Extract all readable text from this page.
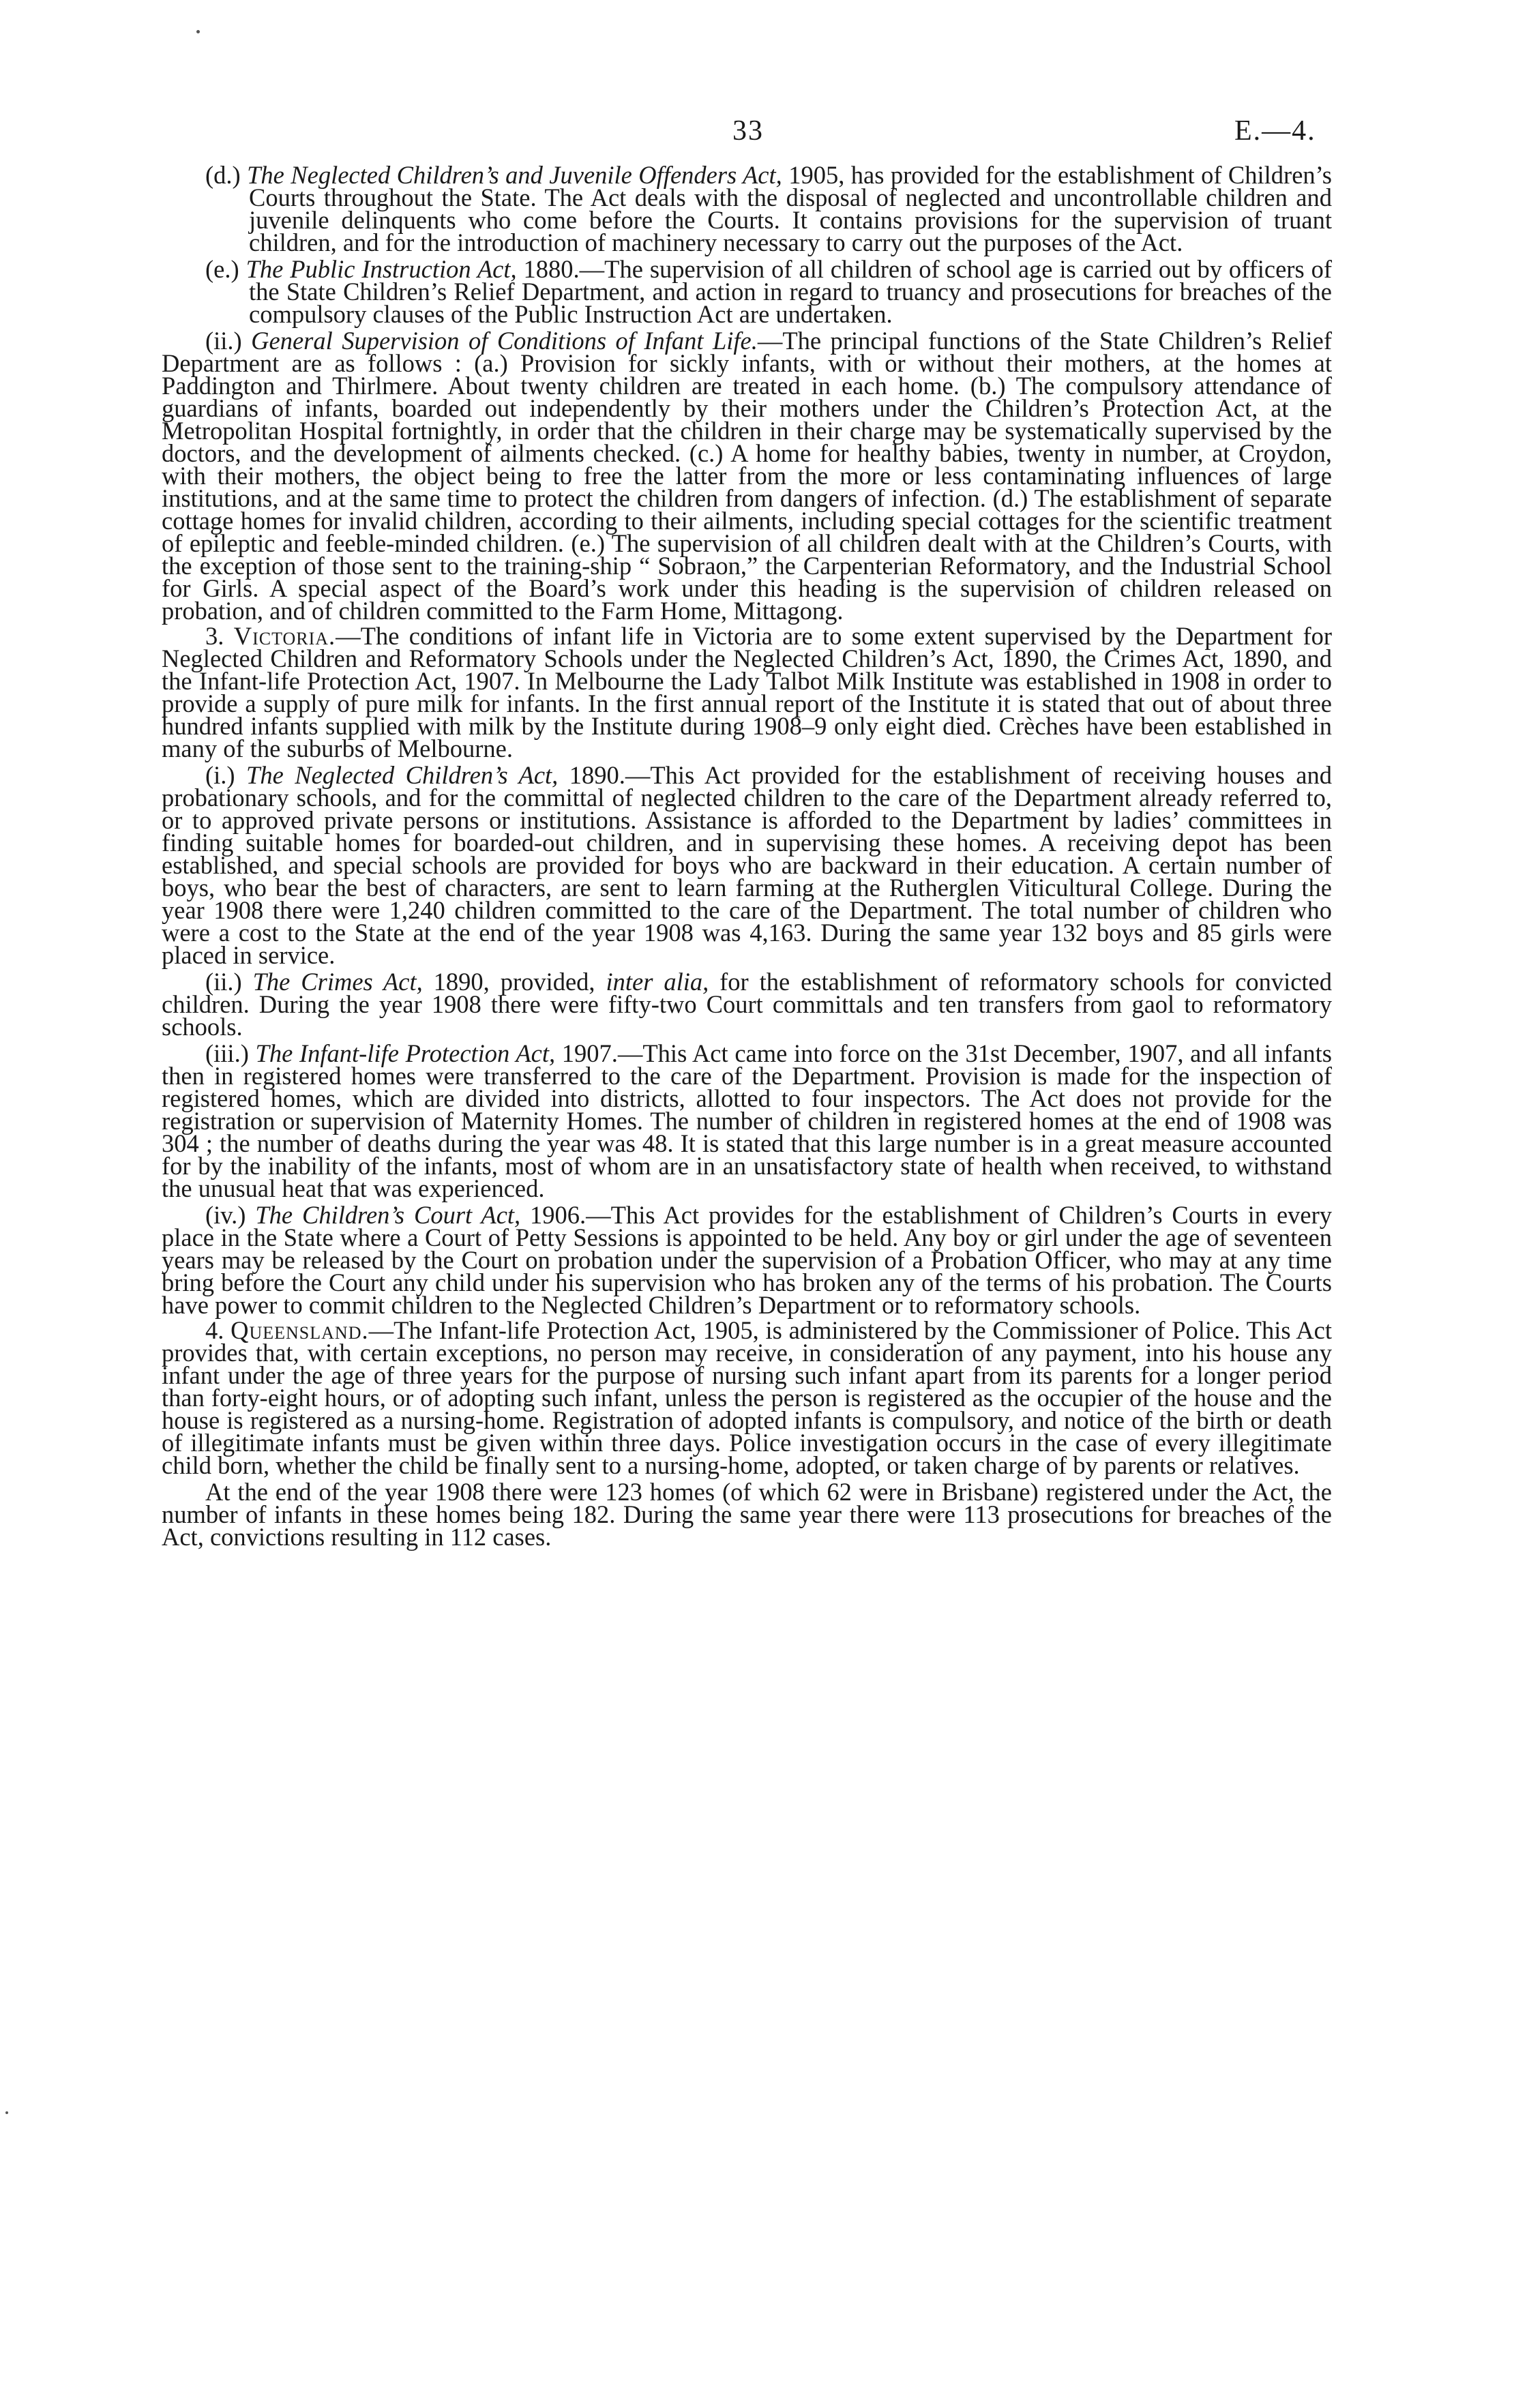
33	E.—4.

(d.) The Neglected Children’s and Juvenile Offenders Act, 1905, has provided for the establishment of Children’s Courts throughout the State. The Act deals with the disposal of neglected and uncontrollable children and juvenile delinquents who come before the Courts. It contains provisions for the supervision of truant children, and for the introduction of machinery necessary to carry out the purposes of the Act.

(e.) The Public Instruction Act, 1880.—The supervision of all children of school age is carried out by officers of the State Children’s Relief Department, and action in regard to truancy and prosecutions for breaches of the compulsory clauses of the Public Instruction Act are undertaken.

(ii.) General Supervision of Conditions of Infant Life.—The principal functions of the State Children’s Relief Department are as follows : (a.) Provision for sickly infants, with or without their mothers, at the homes at Paddington and Thirlmere. About twenty children are treated in each home. (b.) The compulsory attendance of guardians of infants, boarded out independently by their mothers under the Children’s Protection Act, at the Metropolitan Hospital fortnightly, in order that the children in their charge may be systematically supervised by the doctors, and the development of ailments checked. (c.) A home for healthy babies, twenty in number, at Croydon, with their mothers, the object being to free the latter from the more or less contaminating influences of large institutions, and at the same time to protect the children from dangers of infection. (d.) The establishment of separate cottage homes for invalid children, according to their ailments, including special cottages for the scientific treatment of epileptic and feeble-minded children. (e.) The supervision of all children dealt with at the Children’s Courts, with the exception of those sent to the training-ship “ Sobraon,” the Carpenterian Reformatory, and the Industrial School for Girls. A special aspect of the Board’s work under this heading is the supervision of children released on probation, and of children committed to the Farm Home, Mittagong.

3. Victoria.—The conditions of infant life in Victoria are to some extent supervised by the Department for Neglected Children and Reformatory Schools under the Neglected Children’s Act, 1890, the Crimes Act, 1890, and the Infant-life Protection Act, 1907. In Melbourne the Lady Talbot Milk Institute was established in 1908 in order to provide a supply of pure milk for infants. In the first annual report of the Institute it is stated that out of about three hundred infants supplied with milk by the Institute during 1908–9 only eight died. Crèches have been established in many of the suburbs of Melbourne.

(i.) The Neglected Children’s Act, 1890.—This Act provided for the establishment of receiving houses and probationary schools, and for the committal of neglected children to the care of the Department already referred to, or to approved private persons or institutions. Assistance is afforded to the Department by ladies’ committees in finding suitable homes for boarded-out children, and in supervising these homes. A receiving depot has been established, and special schools are provided for boys who are backward in their education. A certain number of boys, who bear the best of characters, are sent to learn farming at the Rutherglen Viticultural College. During the year 1908 there were 1,240 children committed to the care of the Department. The total number of children who were a cost to the State at the end of the year 1908 was 4,163. During the same year 132 boys and 85 girls were placed in service.

(ii.) The Crimes Act, 1890, provided, inter alia, for the establishment of reformatory schools for convicted children. During the year 1908 there were fifty-two Court committals and ten transfers from gaol to reformatory schools.

(iii.) The Infant-life Protection Act, 1907.—This Act came into force on the 31st December, 1907, and all infants then in registered homes were transferred to the care of the Department. Provision is made for the inspection of registered homes, which are divided into districts, allotted to four inspectors. The Act does not provide for the registration or supervision of Maternity Homes. The number of children in registered homes at the end of 1908 was 304 ; the number of deaths during the year was 48. It is stated that this large number is in a great measure accounted for by the inability of the infants, most of whom are in an unsatisfactory state of health when received, to withstand the unusual heat that was experienced.

(iv.) The Children’s Court Act, 1906.—This Act provides for the establishment of Children’s Courts in every place in the State where a Court of Petty Sessions is appointed to be held. Any boy or girl under the age of seventeen years may be released by the Court on probation under the supervision of a Probation Officer, who may at any time bring before the Court any child under his supervision who has broken any of the terms of his probation. The Courts have power to commit children to the Neglected Children’s Department or to reformatory schools.

4. Queensland.—The Infant-life Protection Act, 1905, is administered by the Commissioner of Police. This Act provides that, with certain exceptions, no person may receive, in consideration of any payment, into his house any infant under the age of three years for the purpose of nursing such infant apart from its parents for a longer period than forty-eight hours, or of adopting such infant, unless the person is registered as the occupier of the house and the house is registered as a nursing-home. Registration of adopted infants is compulsory, and notice of the birth or death of illegitimate infants must be given within three days. Police investigation occurs in the case of every illegitimate child born, whether the child be finally sent to a nursing-home, adopted, or taken charge of by parents or relatives.

At the end of the year 1908 there were 123 homes (of which 62 were in Brisbane) registered under the Act, the number of infants in these homes being 182. During the same year there were 113 prosecutions for breaches of the Act, convictions resulting in 112 cases.
